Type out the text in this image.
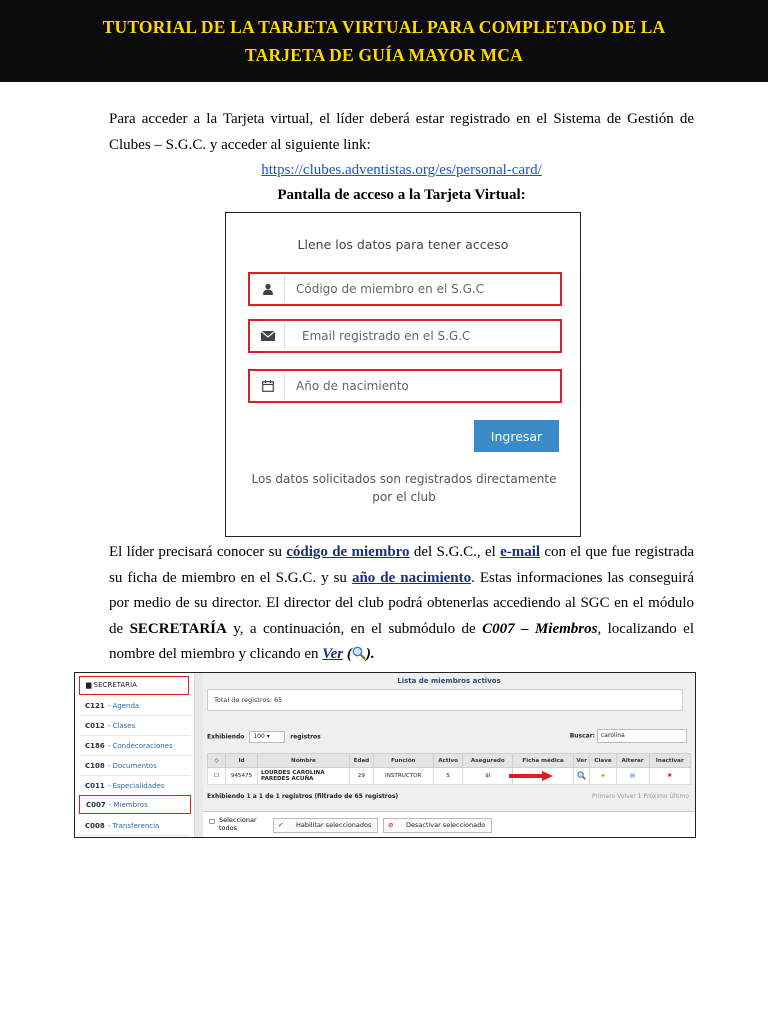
TUTORIAL DE LA TARJETA VIRTUAL PARA COMPLETADO DE LA
TARJETA DE GUÍA MAYOR MCA

Para acceder a la Tarjeta virtual, el líder deberá estar registrado en el Sistema de Gestión de Clubes – S.G.C. y acceder al siguiente link:

https://clubes.adventistas.org/es/personal-card/
Pantalla de acceso a la Tarjeta Virtual:
Llene los datos para tener acceso
Código de miembro en el S.G.C
Email registrado en el S.G.C
Año de nacimiento
Ingresar
Los datos solicitados son registrados directamente por el club

El líder precisará conocer su código de miembro del S.G.C., el e-mail con el que fue registrada su ficha de miembro en el S.G.C. y su año de nacimiento. Estas informaciones las conseguirá por medio de su director. El director del club podrá obtenerlas accediendo al SGC en el módulo de SECRETARÍA y, a continuación, en el submódulo de C007 – Miembros, localizando el nombre del miembro y clicando en Ver ( ).

▆ SECRETARÍA
C121 - Agenda
C012 - Clases
C186 - Condecoraciones
C108 - Documentos
C011 - Especialidades
C007 - Miembros
C008 - Transferencia
Lista de miembros activos
Total de registros: 65
Exhibiendo 100 ▾	registros	Buscar: carolina
◇	Id	Nombre	Edad	Función	Activo	Asegurado	Ficha médica	Ver	Clave	Alterar	Inactivar
☐	945475	LOURDES CAROLINA PAREDES ACUÑA	29	INSTRUCTOR	S	$I			▰	▤	✖
Exhibiendo 1 a 1 de 1 registros (filtrado de 65 registros)	Primero Volver 1 Próximo Último
☐ Seleccionar todos	✔ Habilitar seleccionados	⊘ Desactivar seleccionado
